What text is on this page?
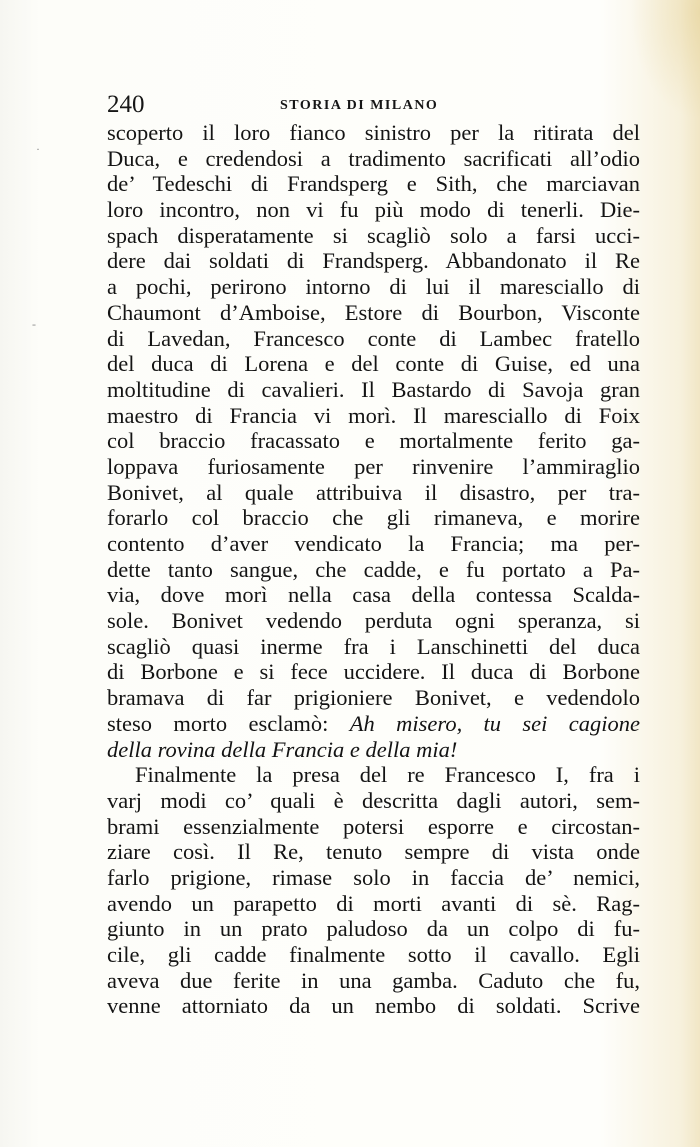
·
-
240	STORIA DI MILANO
scoperto il loro fianco sinistro per la ritirata del
Duca, e credendosi a tradimento sacrificati all’odio
de’ Tedeschi di Frandsperg e Sith, che marciavan
loro incontro, non vi fu più modo di tenerli. Die-
spach disperatamente si scagliò solo a farsi ucci-
dere dai soldati di Frandsperg. Abbandonato il Re
a pochi, perirono intorno di lui il maresciallo di
Chaumont d’Amboise, Estore di Bourbon, Visconte
di Lavedan, Francesco conte di Lambec fratello
del duca di Lorena e del conte di Guise, ed una
moltitudine di cavalieri. Il Bastardo di Savoja gran
maestro di Francia vi morì. Il maresciallo di Foix
col braccio fracassato e mortalmente ferito ga-
loppava furiosamente per rinvenire l’ammiraglio
Bonivet, al quale attribuiva il disastro, per tra-
forarlo col braccio che gli rimaneva, e morire
contento d’aver vendicato la Francia; ma per-
dette tanto sangue, che cadde, e fu portato a Pa-
via, dove morì nella casa della contessa Scalda-
sole. Bonivet vedendo perduta ogni speranza, si
scagliò quasi inerme fra i Lanschinetti del duca
di Borbone e si fece uccidere. Il duca di Borbone
bramava di far prigioniere Bonivet, e vedendolo
steso morto esclamò: Ah misero, tu sei cagione
della rovina della Francia e della mia!
Finalmente la presa del re Francesco I, fra i
varj modi co’ quali è descritta dagli autori, sem-
brami essenzialmente potersi esporre e circostan-
ziare così. Il Re, tenuto sempre di vista onde
farlo prigione, rimase solo in faccia de’ nemici,
avendo un parapetto di morti avanti di sè. Rag-
giunto in un prato paludoso da un colpo di fu-
cile, gli cadde finalmente sotto il cavallo. Egli
aveva due ferite in una gamba. Caduto che fu,
venne attorniato da un nembo di soldati. Scrive
